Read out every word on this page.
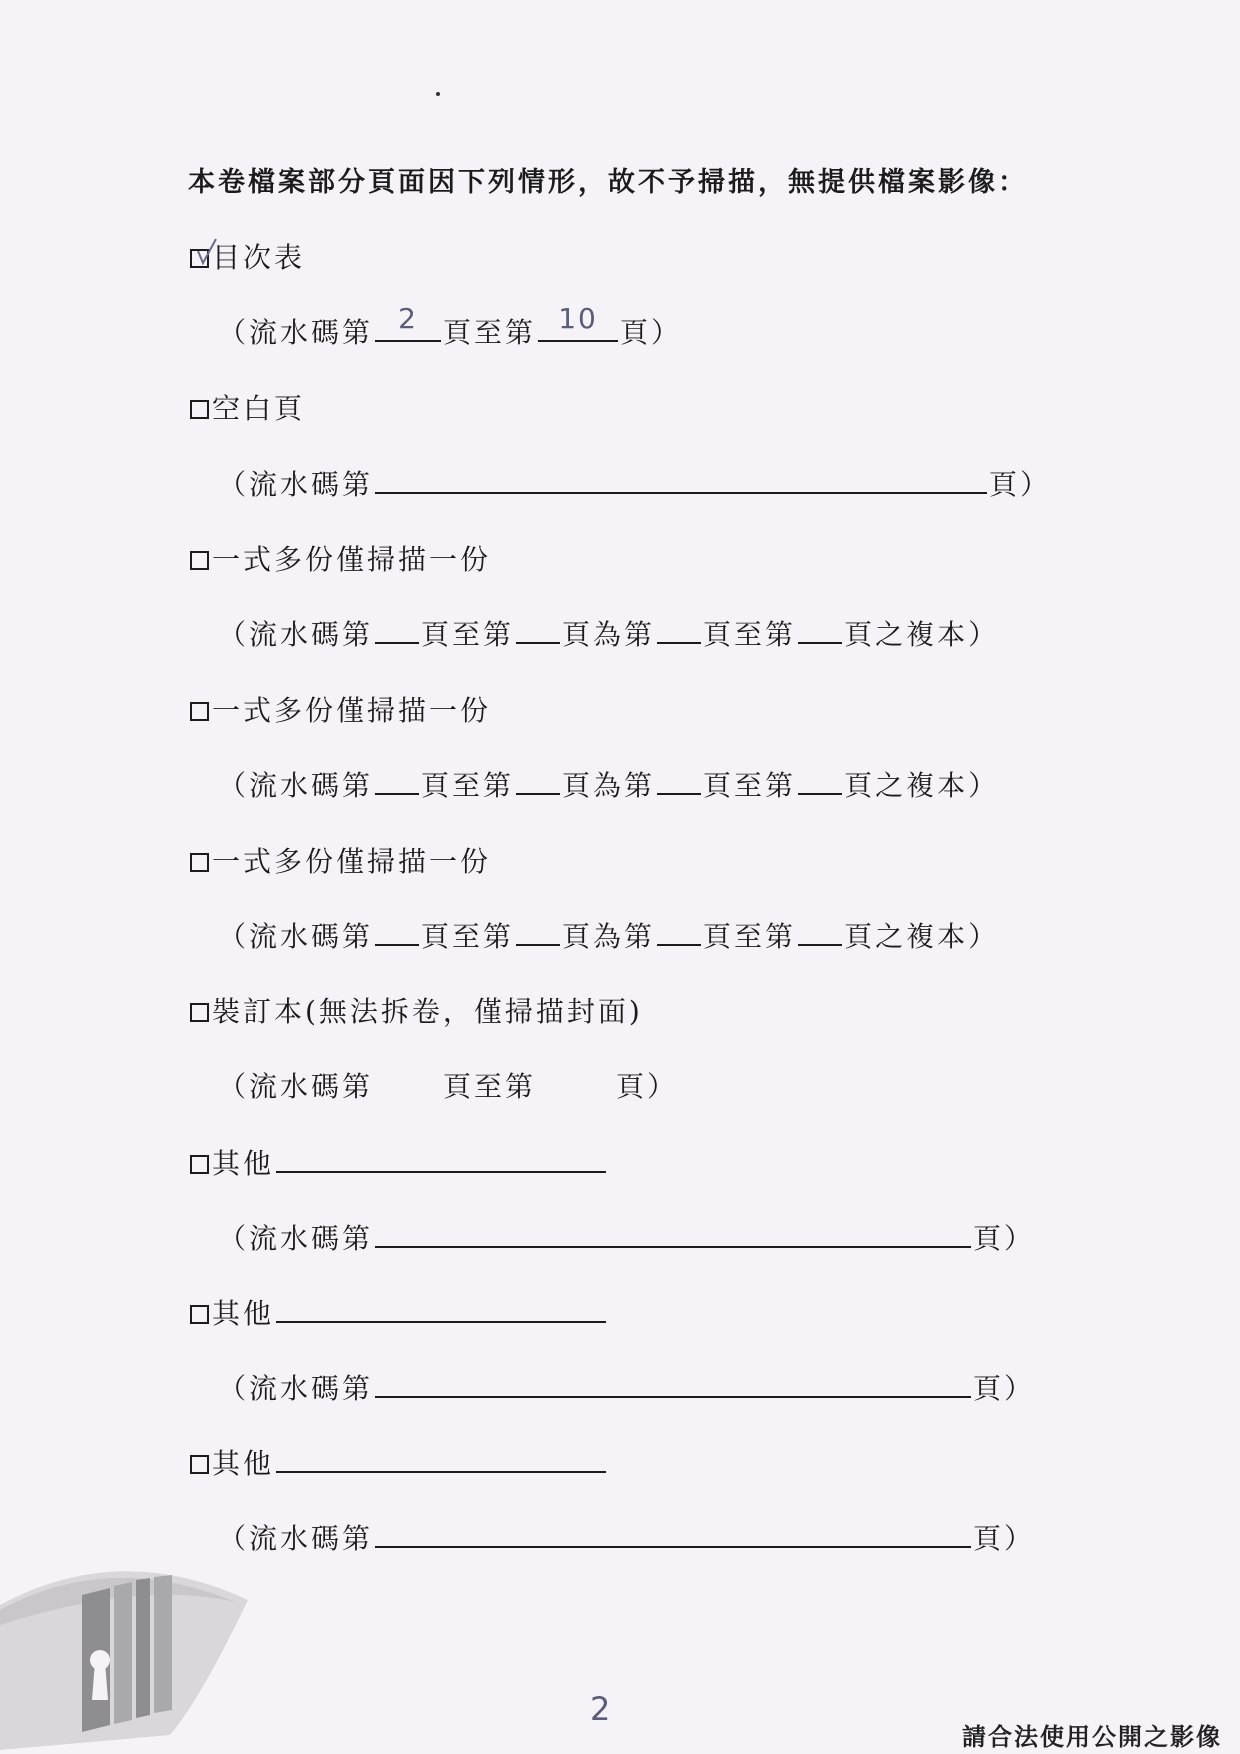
本卷檔案部分頁面因下列情形，故不予掃描，無提供檔案影像：
目次表
（流水碼第 2 頁至第 10 頁）
空白頁
（流水碼第	頁）
一式多份僅掃描一份
（流水碼第 頁至第 頁為第 頁至第 頁之複本）
一式多份僅掃描一份
（流水碼第 頁至第 頁為第 頁至第 頁之複本）
一式多份僅掃描一份
（流水碼第 頁至第 頁為第 頁至第 頁之複本）
裝訂本(無法拆卷，僅掃描封面)
（流水碼第	頁至第	頁）
其他
（流水碼第	頁）
其他
（流水碼第	頁）
其他
（流水碼第	頁）
2
請合法使用公開之影像
